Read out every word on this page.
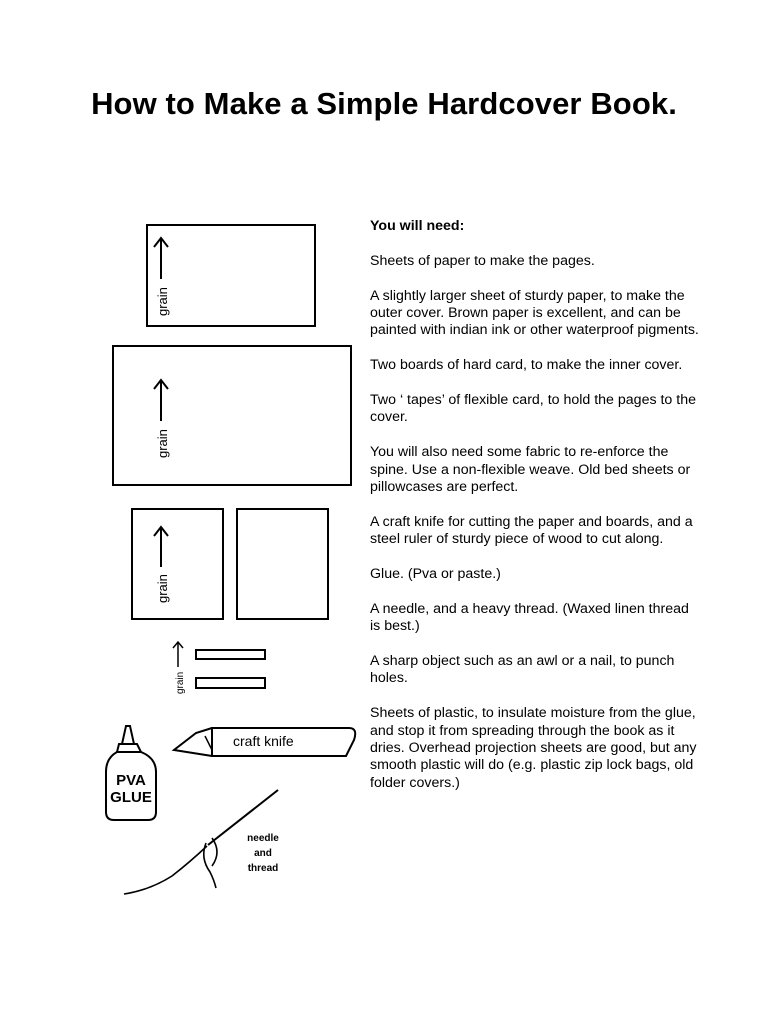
How to Make a Simple Hardcover Book.
grain
grain
grain
grain
craft knife
PVA
GLUE
needle
and
thread

You will need:

Sheets of paper to make the pages.

A slightly larger sheet of sturdy paper, to make the outer cover. Brown paper is excellent, and can be painted with indian ink or other waterproof pigments.

Two boards of hard card, to make the inner cover.

Two ‘ tapes’ of flexible card, to hold the pages to the cover.

You will also need some fabric to re-enforce the spine. Use a non-flexible weave. Old bed sheets or pillowcases are perfect.

A craft knife for cutting the paper and boards, and a steel ruler of sturdy piece of wood to cut along.

Glue. (Pva or paste.)

A needle, and a heavy thread. (Waxed linen thread is best.)

A sharp object such as an awl or a nail, to punch holes.

Sheets of plastic, to insulate moisture from the glue, and stop it from spreading through the book as it dries. Overhead projection sheets are good, but any smooth plastic will do (e.g. plastic zip lock bags, old folder covers.)
